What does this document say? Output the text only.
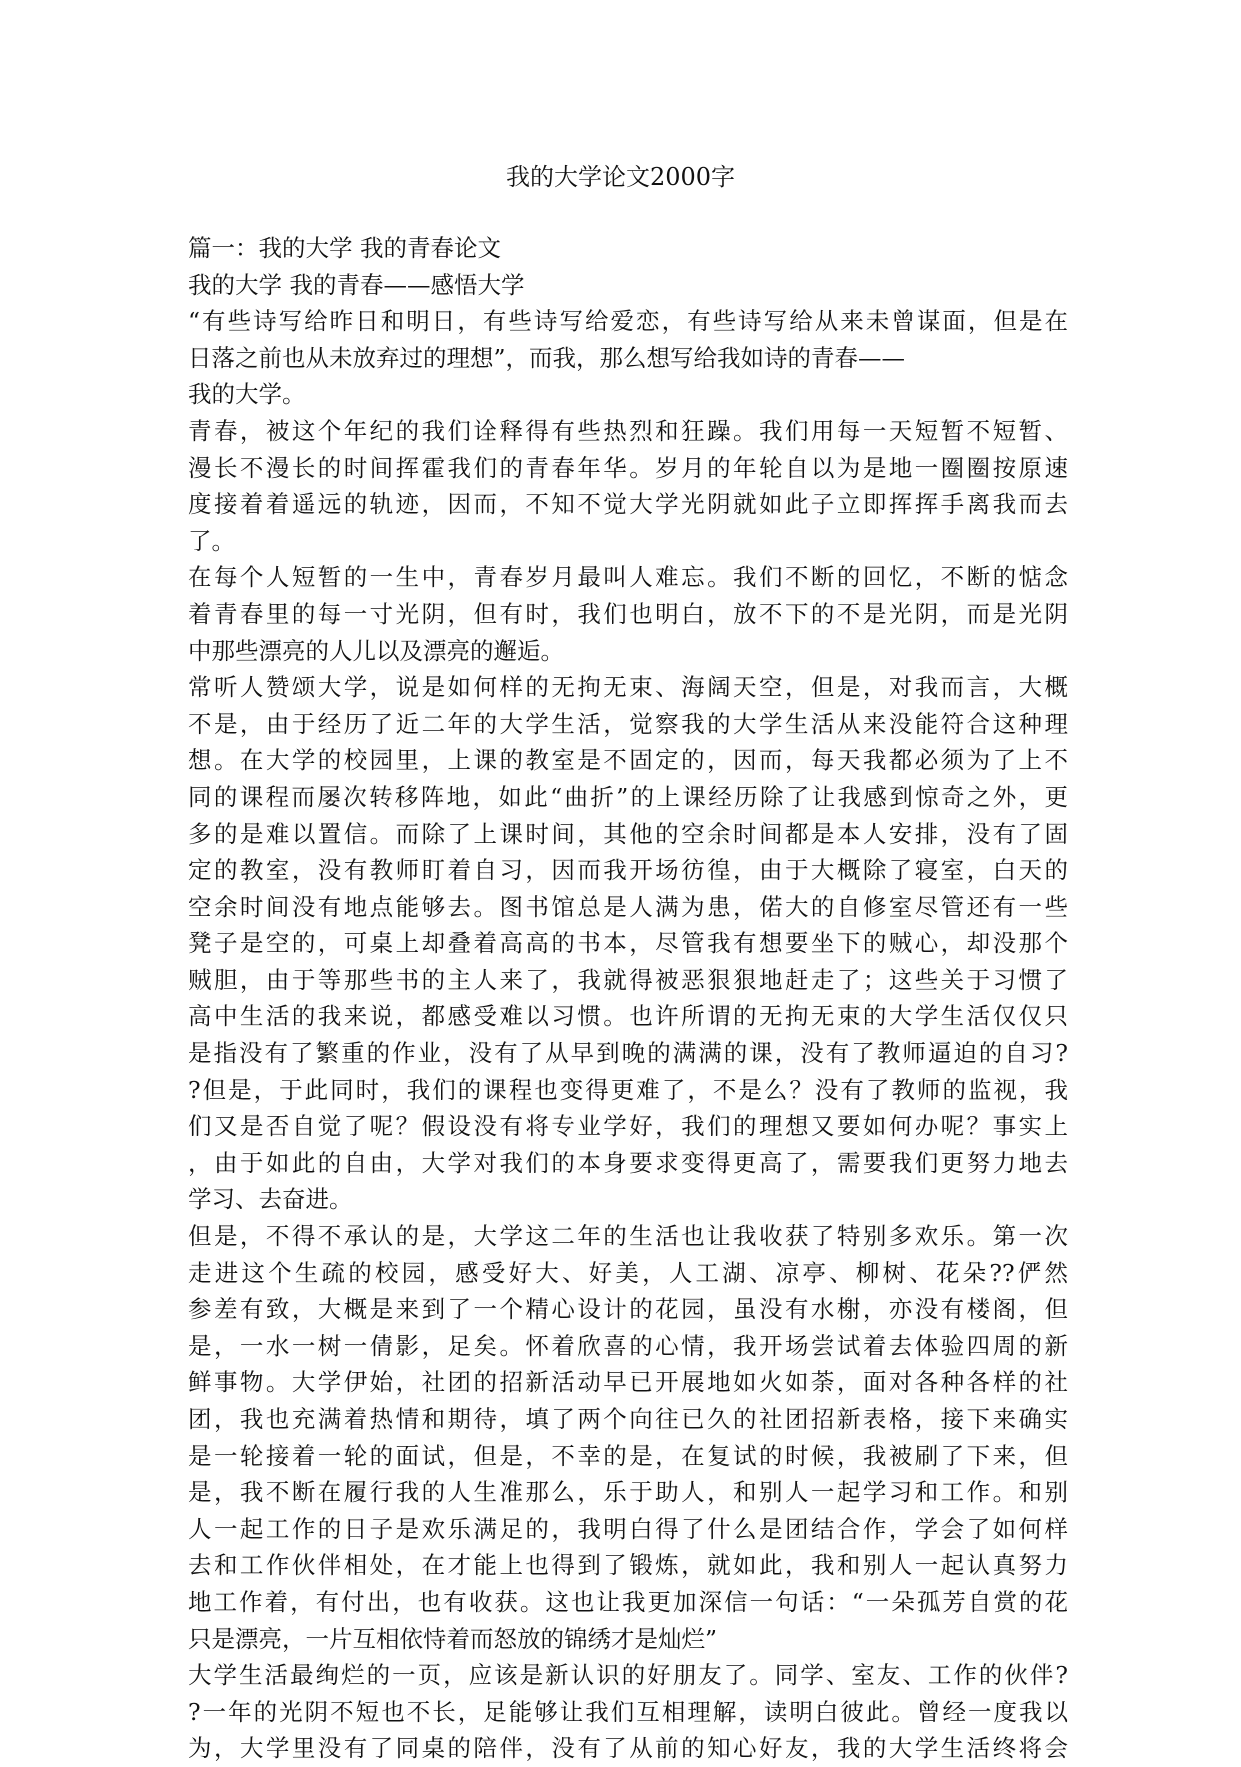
我的大学论文2000字
篇一：我的大学 我的青春论文
我的大学 我的青春——感悟大学
“有些诗写给昨日和明日，有些诗写给爱恋，有些诗写给从来未曾谋面，但是在
日落之前也从未放弃过的理想”，而我，那么想写给我如诗的青春——
我的大学。
青春，被这个年纪的我们诠释得有些热烈和狂躁。我们用每一天短暂不短暂、
漫长不漫长的时间挥霍我们的青春年华。岁月的年轮自以为是地一圈圈按原速
度接着着遥远的轨迹，因而，不知不觉大学光阴就如此子立即挥挥手离我而去
了。
在每个人短暂的一生中，青春岁月最叫人难忘。我们不断的回忆，不断的惦念
着青春里的每一寸光阴，但有时，我们也明白，放不下的不是光阴，而是光阴
中那些漂亮的人儿以及漂亮的邂逅。
常听人赞颂大学，说是如何样的无拘无束、海阔天空，但是，对我而言，大概
不是，由于经历了近二年的大学生活，觉察我的大学生活从来没能符合这种理
想。在大学的校园里，上课的教室是不固定的，因而，每天我都必须为了上不
同的课程而屡次转移阵地，如此“曲折”的上课经历除了让我感到惊奇之外，更
多的是难以置信。而除了上课时间，其他的空余时间都是本人安排，没有了固
定的教室，没有教师盯着自习，因而我开场彷徨，由于大概除了寝室，白天的
空余时间没有地点能够去。图书馆总是人满为患，偌大的自修室尽管还有一些
凳子是空的，可桌上却叠着高高的书本，尽管我有想要坐下的贼心，却没那个
贼胆，由于等那些书的主人来了，我就得被恶狠狠地赶走了；这些关于习惯了
高中生活的我来说，都感受难以习惯。也许所谓的无拘无束的大学生活仅仅只
是指没有了繁重的作业，没有了从早到晚的满满的课，没有了教师逼迫的自习?
?但是，于此同时，我们的课程也变得更难了，不是么？没有了教师的监视，我
们又是否自觉了呢？假设没有将专业学好，我们的理想又要如何办呢？事实上
，由于如此的自由，大学对我们的本身要求变得更高了，需要我们更努力地去
学习、去奋进。
但是，不得不承认的是，大学这二年的生活也让我收获了特别多欢乐。第一次
走进这个生疏的校园，感受好大、好美，人工湖、凉亭、柳树、花朵??俨然
参差有致，大概是来到了一个精心设计的花园，虽没有水榭，亦没有楼阁，但
是，一水一树一倩影，足矣。怀着欣喜的心情，我开场尝试着去体验四周的新
鲜事物。大学伊始，社团的招新活动早已开展地如火如荼，面对各种各样的社
团，我也充满着热情和期待，填了两个向往已久的社团招新表格，接下来确实
是一轮接着一轮的面试，但是，不幸的是，在复试的时候，我被刷了下来，但
是，我不断在履行我的人生准那么，乐于助人，和别人一起学习和工作。和别
人一起工作的日子是欢乐满足的，我明白得了什么是团结合作，学会了如何样
去和工作伙伴相处，在才能上也得到了锻炼，就如此，我和别人一起认真努力
地工作着，有付出，也有收获。这也让我更加深信一句话：“一朵孤芳自赏的花
只是漂亮，一片互相依恃着而怒放的锦绣才是灿烂”
大学生活最绚烂的一页，应该是新认识的好朋友了。同学、室友、工作的伙伴?
?一年的光阴不短也不长，足能够让我们互相理解，读明白彼此。曾经一度我以
为，大学里没有了同桌的陪伴，没有了从前的知心好友，我的大学生活终将会
